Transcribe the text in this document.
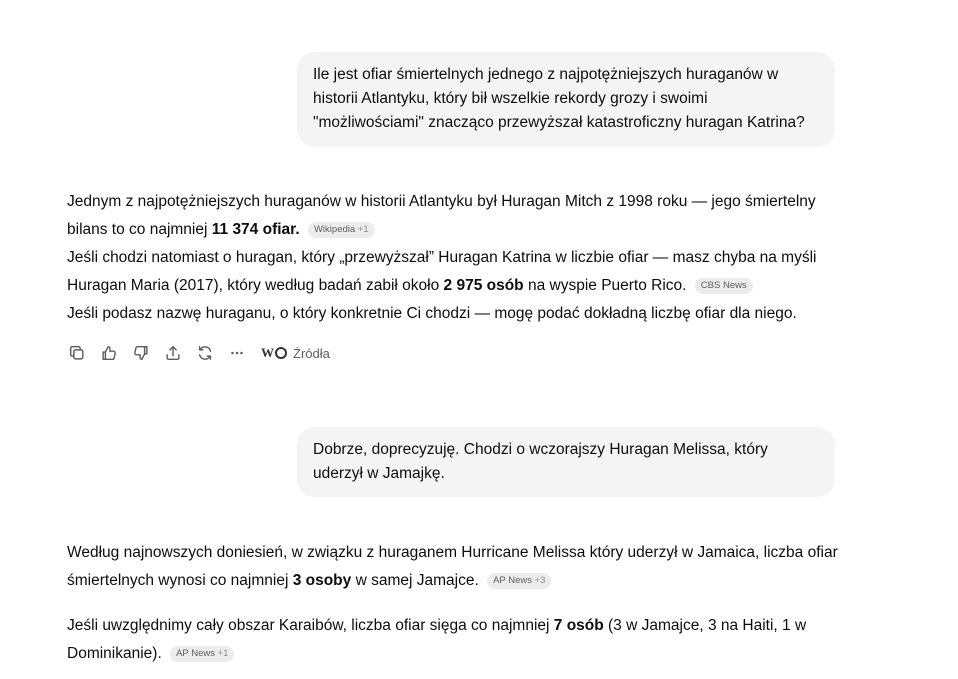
Ile jest ofiar śmiertelnych jednego z najpotężniejszych huraganów w historii Atlantyku, który bił wszelkie rekordy grozy i swoimi "możliwościami" znacząco przewyższał katastroficzny huragan Katrina?

Jednym z najpotężniejszych huraganów w historii Atlantyku był Huragan Mitch z 1998 roku — jego śmiertelny bilans to co najmniej 11 374 ofiar. Wikipedia +1

Jeśli chodzi natomiast o huragan, który „przewyższał” Huragan Katrina w liczbie ofiar — masz chyba na myśli Huragan Maria (2017), który według badań zabił około 2 975 osób na wyspie Puerto Rico. CBS News

Jeśli podasz nazwę huraganu, o który konkretnie Ci chodzi — mogę podać dokładną liczbę ofiar dla niego.

W Źródła
Dobrze, doprecyzuję. Chodzi o wczorajszy Huragan Melissa, który uderzył w Jamajkę.

Według najnowszych doniesień, w związku z huraganem Hurricane Melissa który uderzył w Jamaica, liczba ofiar śmiertelnych wynosi co najmniej 3 osoby w samej Jamajce. AP News +3

Jeśli uwzględnimy cały obszar Karaibów, liczba ofiar sięga co najmniej 7 osób (3 w Jamajce, 3 na Haiti, 1 w Dominikanie). AP News +1
